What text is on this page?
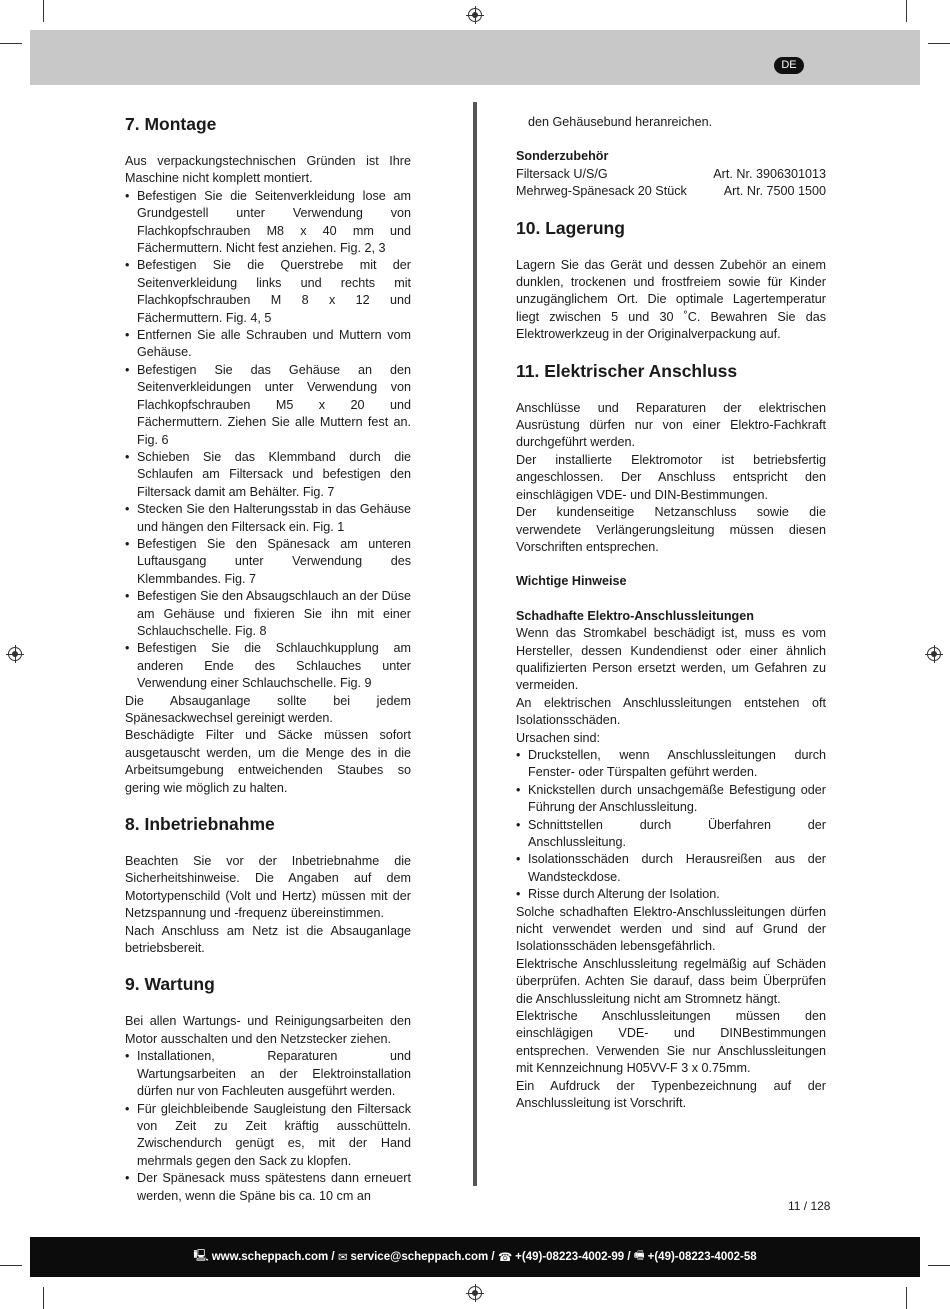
DE
7. Montage

Aus verpackungstechnischen Gründen ist Ihre Maschine nicht komplett montiert.

• Befestigen Sie die Seitenverkleidung lose am Grundgestell unter Verwendung von Flachkopfschrauben M8 x 40 mm und Fächermuttern. Nicht fest anziehen. Fig. 2, 3
• Befestigen Sie die Querstrebe mit der Seitenverkleidung links und rechts mit Flachkopfschrauben M 8 x 12 und Fächermuttern. Fig. 4, 5
• Entfernen Sie alle Schrauben und Muttern vom Gehäuse.
• Befestigen Sie das Gehäuse an den Seitenverkleidungen unter Verwendung von Flachkopfschrauben M5 x 20 und Fächermuttern. Ziehen Sie alle Muttern fest an. Fig. 6
• Schieben Sie das Klemmband durch die Schlaufen am Filtersack und befestigen den Filtersack damit am Behälter. Fig. 7
• Stecken Sie den Halterungsstab in das Gehäuse und hängen den Filtersack ein. Fig. 1
• Befestigen Sie den Spänesack am unteren Luftausgang unter Verwendung des Klemmbandes. Fig. 7
• Befestigen Sie den Absaugschlauch an der Düse am Gehäuse und fixieren Sie ihn mit einer Schlauchschelle. Fig. 8
• Befestigen Sie die Schlauchkupplung am anderen Ende des Schlauches unter Verwendung einer Schlauchschelle. Fig. 9

Die Absauganlage sollte bei jedem Spänesackwechsel gereinigt werden.

Beschädigte Filter und Säcke müssen sofort ausgetauscht werden, um die Menge des in die Arbeitsumgebung entweichenden Staubes so gering wie möglich zu halten.

8. Inbetriebnahme

Beachten Sie vor der Inbetriebnahme die Sicherheitshinweise. Die Angaben auf dem Motortypenschild (Volt und Hertz) müssen mit der Netzspannung und -frequenz übereinstimmen.

Nach Anschluss am Netz ist die Absauganlage betriebsbereit.

9. Wartung

Bei allen Wartungs- und Reinigungsarbeiten den Motor ausschalten und den Netzstecker ziehen.

• Installationen, Reparaturen und Wartungsarbeiten an der Elektroinstallation dürfen nur von Fachleuten ausgeführt werden.
• Für gleichbleibende Saugleistung den Filtersack von Zeit zu Zeit kräftig ausschütteln. Zwischendurch genügt es, mit der Hand mehrmals gegen den Sack zu klopfen.
• Der Spänesack muss spätestens dann erneuert werden, wenn die Späne bis ca. 10 cm an

den Gehäusebund heranreichen.

Sonderzubehör

Filtersack U/S/G	Art. Nr. 3906301013
Mehrweg-Spänesack 20 Stück	Art. Nr. 7500 1500
10. Lagerung

Lagern Sie das Gerät und dessen Zubehör an einem dunklen, trockenen und frostfreiem sowie für Kinder unzugänglichem Ort. Die optimale Lagertemperatur liegt zwischen 5 und 30 ˚C. Bewahren Sie das Elektrowerkzeug in der Originalverpackung auf.

11. Elektrischer Anschluss

Anschlüsse und Reparaturen der elektrischen Ausrüstung dürfen nur von einer Elektro-Fachkraft durchgeführt werden.

Der installierte Elektromotor ist betriebsfertig angeschlossen. Der Anschluss entspricht den einschlägigen VDE- und DIN-Bestimmungen.

Der kundenseitige Netzanschluss sowie die verwendete Verlängerungsleitung müssen diesen Vorschriften entsprechen.

Wichtige Hinweise

Schadhafte Elektro-Anschlussleitungen

Wenn das Stromkabel beschädigt ist, muss es vom Hersteller, dessen Kundendienst oder einer ähnlich qualifizierten Person ersetzt werden, um Gefahren zu vermeiden.

An elektrischen Anschlussleitungen entstehen oft Isolationsschäden.

Ursachen sind:

• Druckstellen, wenn Anschlussleitungen durch Fenster- oder Türspalten geführt werden.
• Knickstellen durch unsachgemäße Befestigung oder Führung der Anschlussleitung.
• Schnittstellen durch Überfahren der Anschlussleitung.
• Isolationsschäden durch Herausreißen aus der Wandsteckdose.
• Risse durch Alterung der Isolation.

Solche schadhaften Elektro-Anschlussleitungen dürfen nicht verwendet werden und sind auf Grund der Isolationsschäden lebensgefährlich.

Elektrische Anschlussleitung regelmäßig auf Schäden überprüfen. Achten Sie darauf, dass beim Überprüfen die Anschlussleitung nicht am Stromnetz hängt.

Elektrische Anschlussleitungen müssen den einschlägigen VDE- und DINBestimmungen entsprechen. Verwenden Sie nur Anschlussleitungen mit Kennzeichnung H05VV-F 3 x 0.75mm.

Ein Aufdruck der Typenbezeichnung auf der Anschlussleitung ist Vorschrift.

11 / 128
🖳 www.scheppach.com /
✉ service@scheppach.com /
☎ +(49)-08223-4002-99 /
🖷 +(49)-08223-4002-58
